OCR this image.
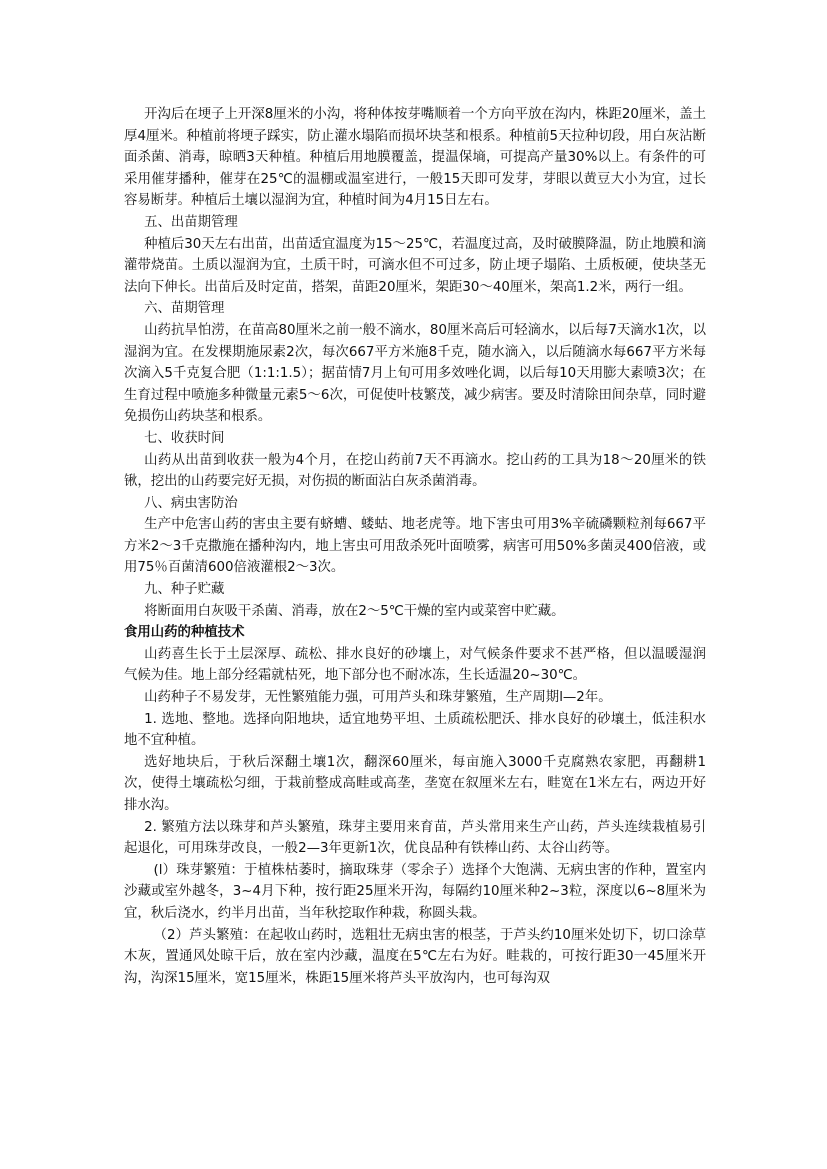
开沟后在埂子上开深8厘米的小沟，将种体按芽嘴顺着一个方向平放在沟内，株距20厘米，盖土厚4厘米。种植前将埂子踩实，防止灌水塌陷而损坏块茎和根系。种植前5天拉种切段，用白灰沾断面杀菌、消毒，晾晒3天种植。种植后用地膜覆盖，提温保墒，可提高产量30%以上。有条件的可采用催芽播种，催芽在25℃的温棚或温室进行，一般15天即可发芽，芽眼以黄豆大小为宜，过长容易断芽。种植后土壤以湿润为宜，种植时间为4月15日左右。

五、出苗期管理

种植后30天左右出苗，出苗适宜温度为15～25℃，若温度过高，及时破膜降温，防止地膜和滴灌带烧苗。土质以湿润为宜，土质干时，可滴水但不可过多，防止埂子塌陷、土质板硬，使块茎无法向下伸长。出苗后及时定苗，搭架，苗距20厘米，架距30～40厘米，架高1.2米，两行一组。

六、苗期管理

山药抗旱怕涝，在苗高80厘米之前一般不滴水，80厘米高后可轻滴水，以后每7天滴水1次，以湿润为宜。在发棵期施尿素2次，每次667平方米施8千克，随水滴入，以后随滴水每667平方米每次滴入5千克复合肥（1:1:1.5）；据苗情7月上旬可用多效唑化调，以后每10天用膨大素喷3次；在生育过程中喷施多种微量元素5～6次，可促使叶枝繁茂，减少病害。要及时清除田间杂草，同时避免损伤山药块茎和根系。

七、收获时间

山药从出苗到收获一般为4个月，在挖山药前7天不再滴水。挖山药的工具为18～20厘米的铁锹，挖出的山药要完好无损，对伤损的断面沾白灰杀菌消毒。

八、病虫害防治

生产中危害山药的害虫主要有蛴螬、蝼蛄、地老虎等。地下害虫可用3%辛硫磷颗粒剂每667平方米2～3千克撒施在播种沟内，地上害虫可用敌杀死叶面喷雾，病害可用50%多菌灵400倍液，或用75％百菌清600倍液灌根2～3次。

九、种子贮藏

将断面用白灰吸干杀菌、消毒，放在2～5℃干燥的室内或菜窖中贮藏。

食用山药的种植技术

山药喜生长于土层深厚、疏松、排水良好的砂壤上，对气候条件要求不甚严格，但以温暖湿润气候为佳。地上部分经霜就枯死，地下部分也不耐冰冻，生长适温20~30℃。

山药种子不易发芽，无性繁殖能力强，可用芦头和珠芽繁殖，生产周期l—2年。

1. 选地、整地。选择向阳地块，适宜地势平坦、土质疏松肥沃、排水良好的砂壤土，低洼积水地不宜种植。

选好地块后，于秋后深翻土壤1次，翻深60厘米，每亩施入3000千克腐熟农家肥，再翻耕1次，使得土壤疏松匀细，于栽前整成高畦或高垄，垄宽在叙厘米左右，畦宽在1米左右，两边开好排水沟。

2. 繁殖方法以珠芽和芦头繁殖，珠芽主要用来育苗，芦头常用来生产山药，芦头连续栽植易引起退化，可用珠芽改良，一般2—3年更新1次，优良品种有铁棒山药、太谷山药等。

(l）珠芽繁殖：于植株枯萎时，摘取珠芽（零余子）选择个大饱满、无病虫害的作种，置室内沙藏或室外越冬，3~4月下种，按行距25厘米开沟，每隔约10厘米种2~3粒，深度以6~8厘米为宜，秋后浇水，约半月出苗，当年秋挖取作种栽，称圆头栽。

（2）芦头繁殖：在起收山药时，选粗壮无病虫害的根茎，于芦头约10厘米处切下，切口涂草木灰，置通风处晾干后，放在室内沙藏，温度在5℃左右为好。畦栽的，可按行距30一45厘米开沟，沟深15厘米，宽15厘米，株距15厘米将芦头平放沟内，也可每沟双
